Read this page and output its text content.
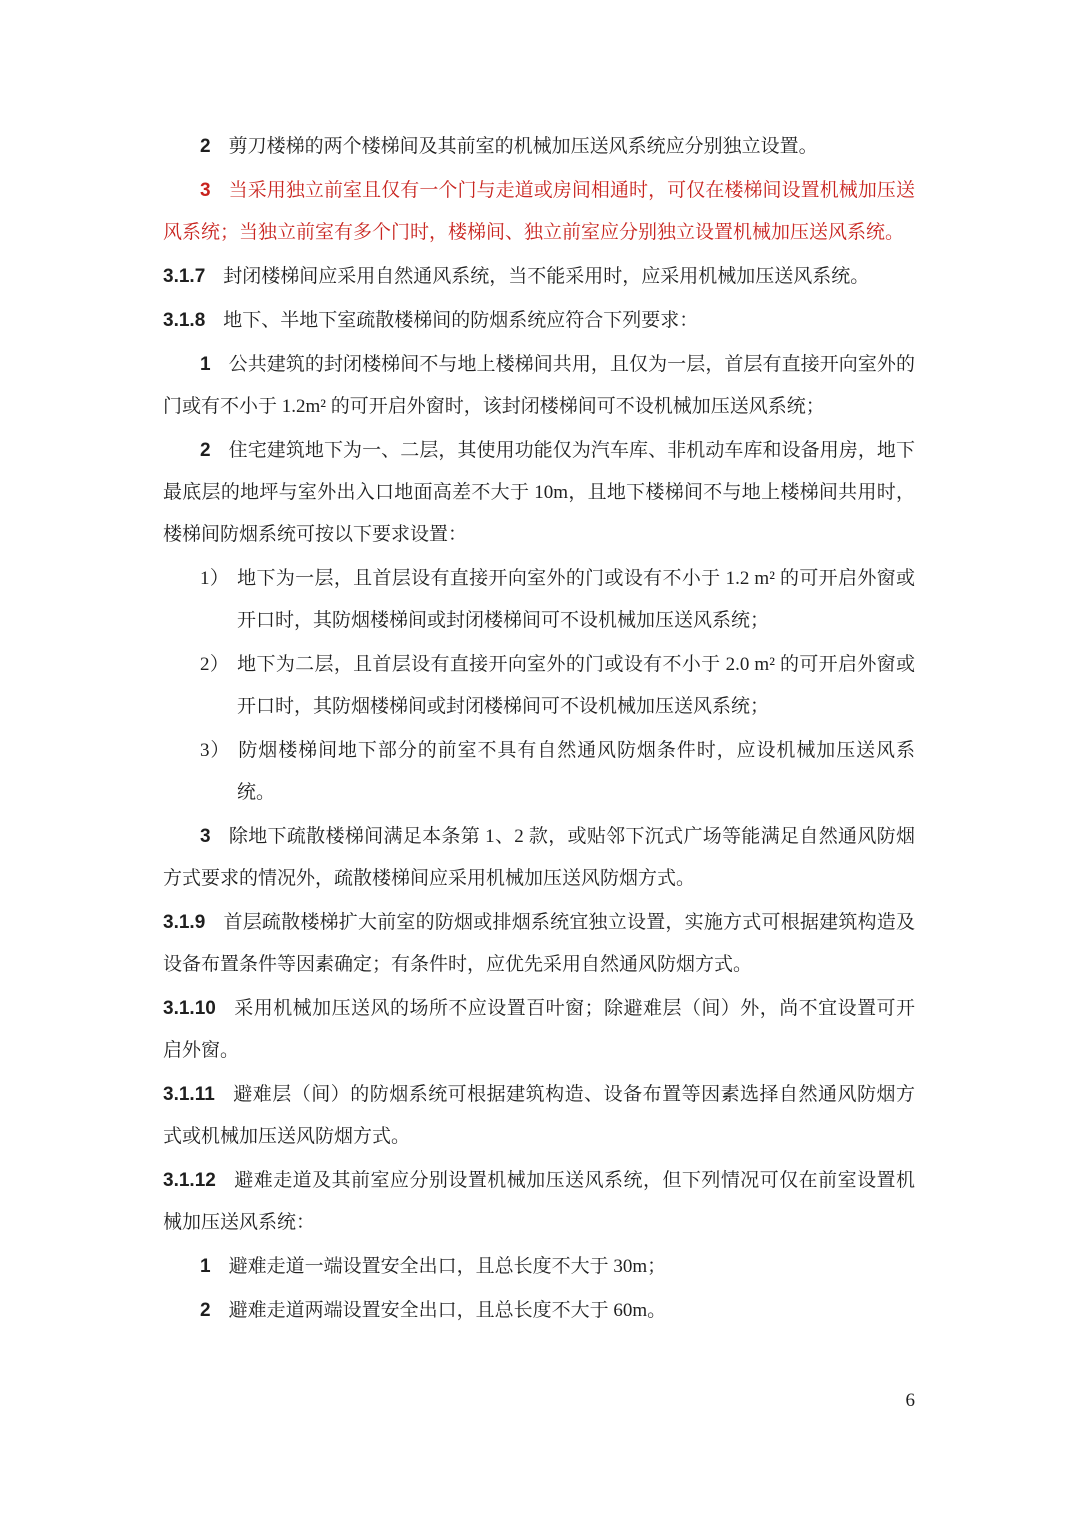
2 剪刀楼梯的两个楼梯间及其前室的机械加压送风系统应分别独立设置。

3 当采用独立前室且仅有一个门与走道或房间相通时，可仅在楼梯间设置机械加压送风系统；当独立前室有多个门时，楼梯间、独立前室应分别独立设置机械加压送风系统。

3.1.7 封闭楼梯间应采用自然通风系统，当不能采用时，应采用机械加压送风系统。

3.1.8 地下、半地下室疏散楼梯间的防烟系统应符合下列要求：

1 公共建筑的封闭楼梯间不与地上楼梯间共用，且仅为一层，首层有直接开向室外的门或有不小于 1.2m² 的可开启外窗时，该封闭楼梯间可不设机械加压送风系统；

2 住宅建筑地下为一、二层，其使用功能仅为汽车库、非机动车库和设备用房，地下最底层的地坪与室外出入口地面高差不大于 10m，且地下楼梯间不与地上楼梯间共用时，楼梯间防烟系统可按以下要求设置：

1） 地下为一层，且首层设有直接开向室外的门或设有不小于 1.2 m² 的可开启外窗或开口时，其防烟楼梯间或封闭楼梯间可不设机械加压送风系统；

2） 地下为二层，且首层设有直接开向室外的门或设有不小于 2.0 m² 的可开启外窗或开口时，其防烟楼梯间或封闭楼梯间可不设机械加压送风系统；

3） 防烟楼梯间地下部分的前室不具有自然通风防烟条件时，应设机械加压送风系统。

3 除地下疏散楼梯间满足本条第 1、2 款，或贴邻下沉式广场等能满足自然通风防烟方式要求的情况外，疏散楼梯间应采用机械加压送风防烟方式。

3.1.9 首层疏散楼梯扩大前室的防烟或排烟系统宜独立设置，实施方式可根据建筑构造及设备布置条件等因素确定；有条件时，应优先采用自然通风防烟方式。

3.1.10 采用机械加压送风的场所不应设置百叶窗；除避难层（间）外，尚不宜设置可开启外窗。

3.1.11 避难层（间）的防烟系统可根据建筑构造、设备布置等因素选择自然通风防烟方式或机械加压送风防烟方式。

3.1.12 避难走道及其前室应分别设置机械加压送风系统，但下列情况可仅在前室设置机械加压送风系统：

1 避难走道一端设置安全出口，且总长度不大于 30m；

2 避难走道两端设置安全出口，且总长度不大于 60m。

6
